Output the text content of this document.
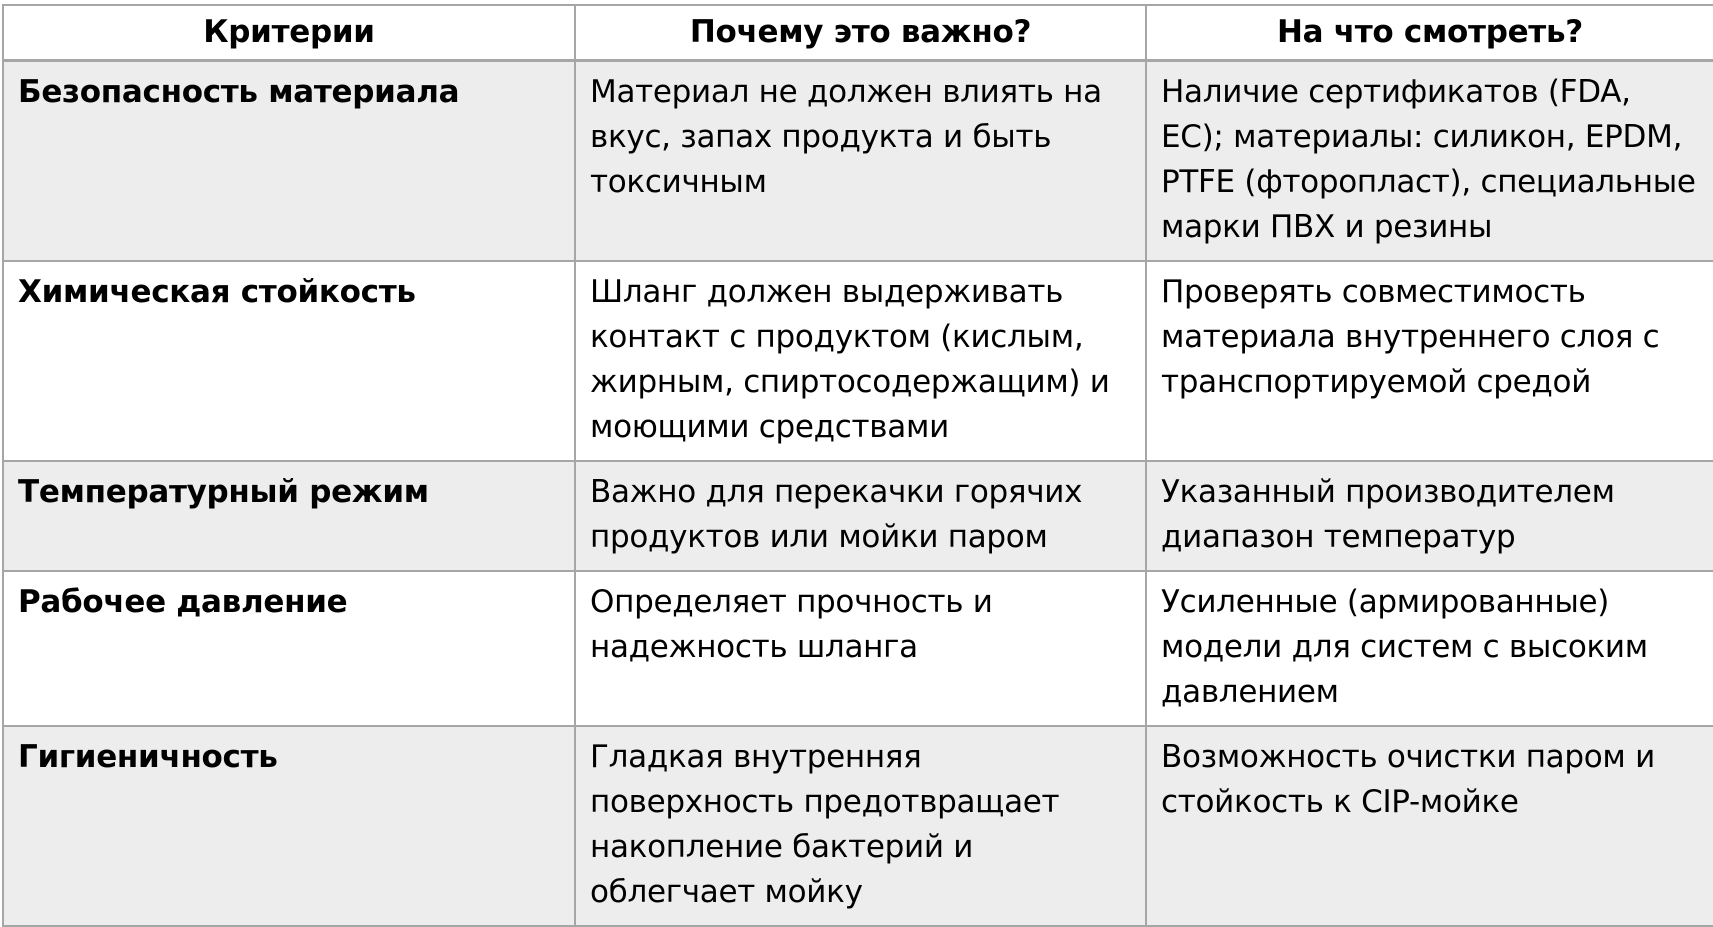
Критерии	Почему это важно?	На что смотреть?
Безопасность материала	Материал не должен влиять на вкус, запах продукта и быть токсичным	Наличие сертификатов (FDA, ЕС); материалы: силикон, EPDM, PTFE (фторопласт), специальные марки ПВХ и резины
Химическая стойкость	Шланг должен выдерживать контакт с продуктом (кислым, жирным, спиртосодержащим) и моющими средствами	Проверять совместимость материала внутреннего слоя с транспортируемой средой
Температурный режим	Важно для перекачки горячих продуктов или мойки паром	Указанный производителем диапазон температур
Рабочее давление	Определяет прочность и надежность шланга	Усиленные (армированные) модели для систем с высоким давлением
Гигиеничность	Гладкая внутренняя поверхность предотвращает накопление бактерий и облегчает мойку	Возможность очистки паром и стойкость к CIP-мойке
